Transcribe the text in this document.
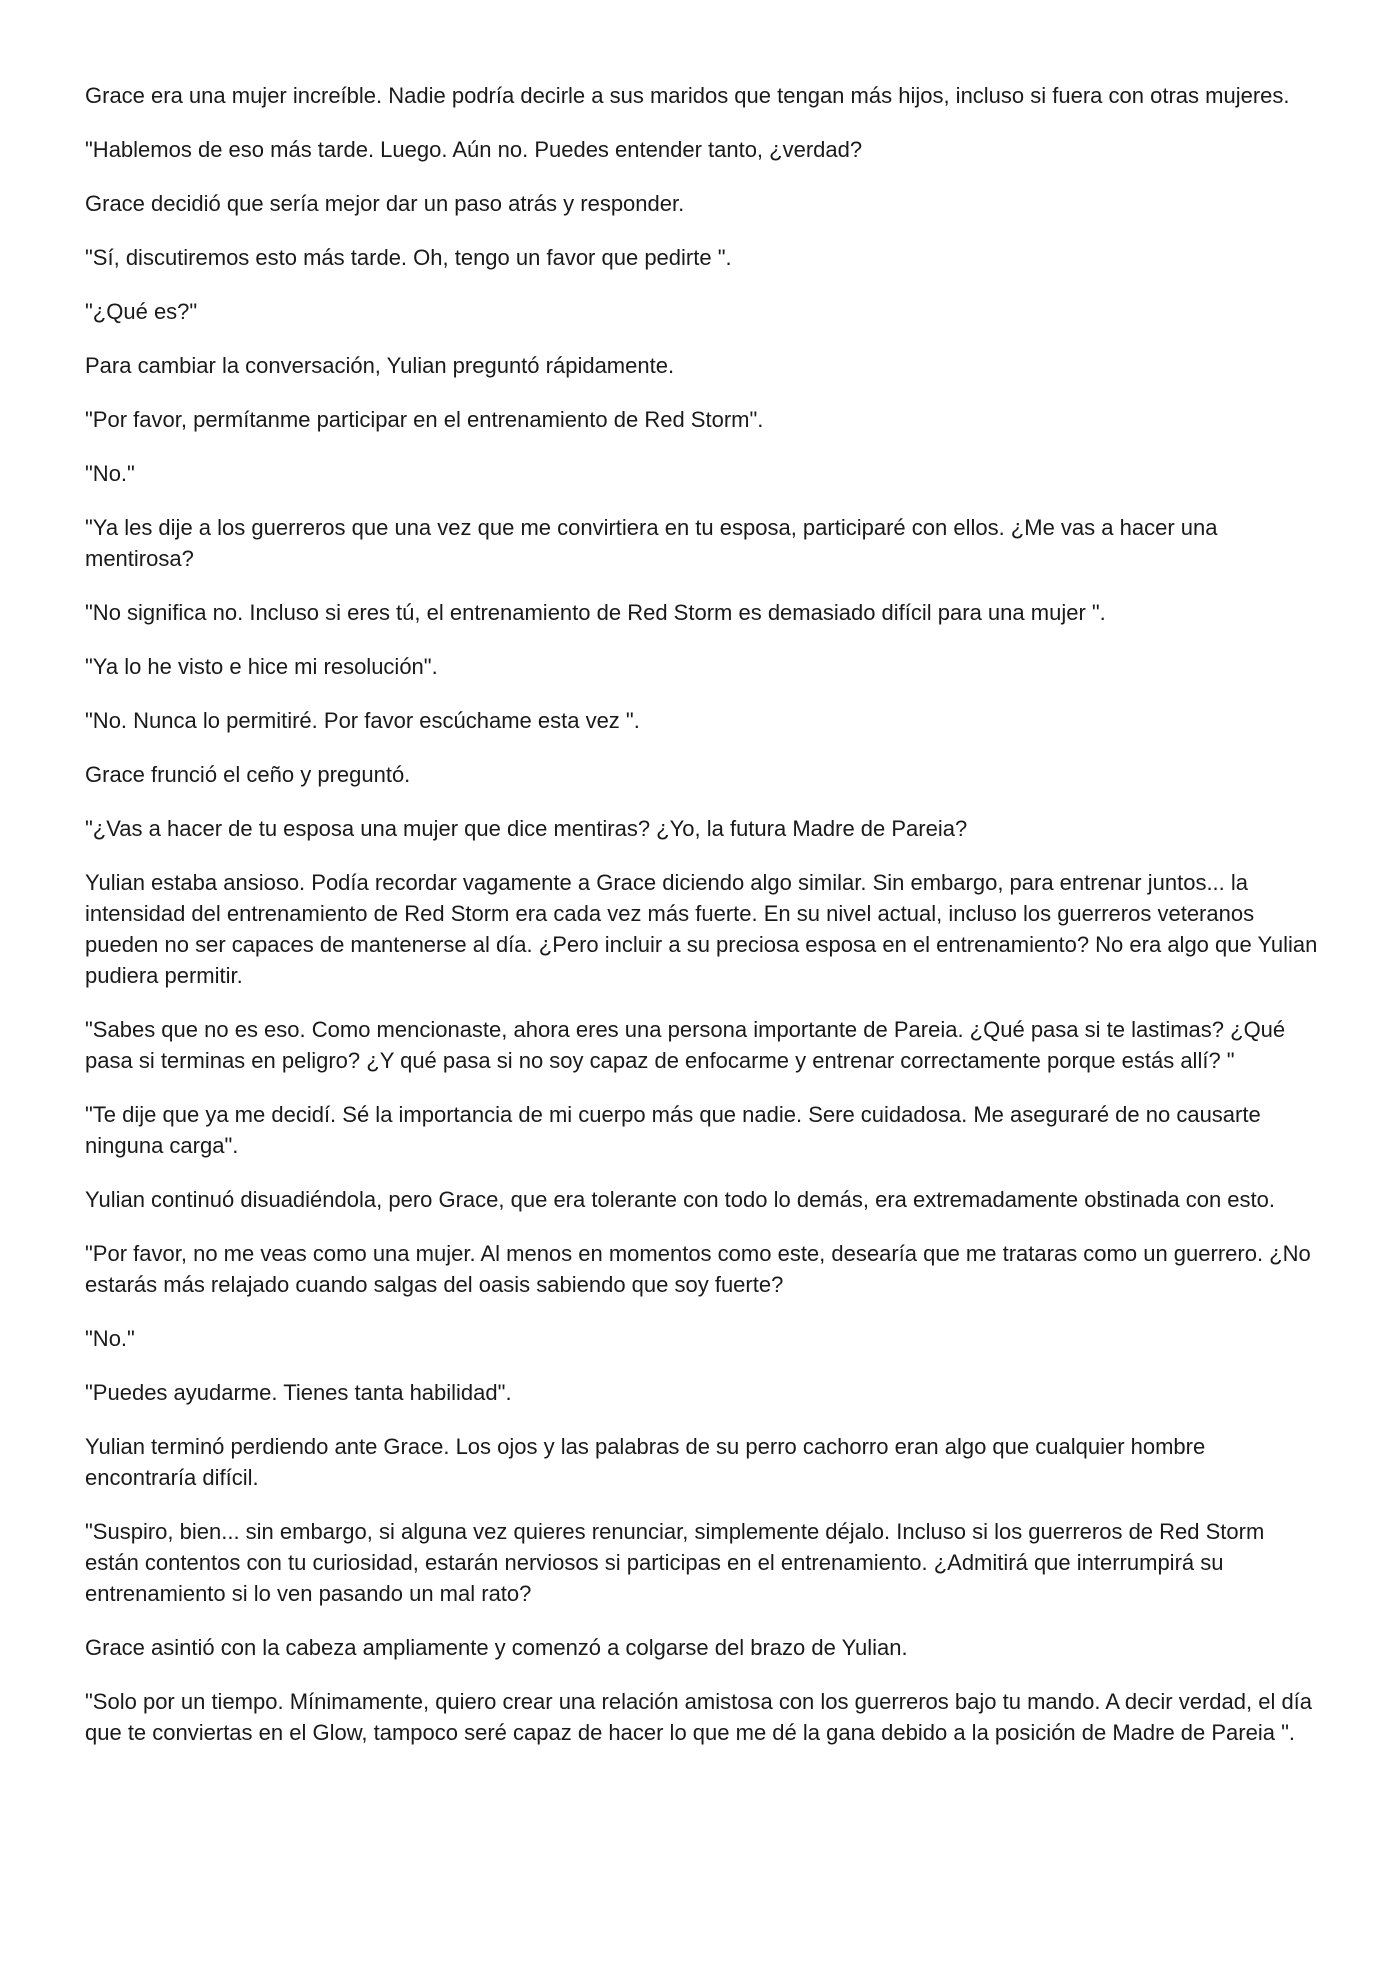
Grace era una mujer increíble. Nadie podría decirle a sus maridos que tengan más hijos, incluso si fuera con otras mujeres.

"Hablemos de eso más tarde. Luego. Aún no. Puedes entender tanto, ¿verdad?

Grace decidió que sería mejor dar un paso atrás y responder.

"Sí, discutiremos esto más tarde. Oh, tengo un favor que pedirte ".

"¿Qué es?"

Para cambiar la conversación, Yulian preguntó rápidamente.

"Por favor, permítanme participar en el entrenamiento de Red Storm".

"No."

"Ya les dije a los guerreros que una vez que me convirtiera en tu esposa, participaré con ellos. ¿Me vas a hacer una mentirosa?

"No significa no. Incluso si eres tú, el entrenamiento de Red Storm es demasiado difícil para una mujer ".

"Ya lo he visto e hice mi resolución".

"No. Nunca lo permitiré. Por favor escúchame esta vez ".

Grace frunció el ceño y preguntó.

"¿Vas a hacer de tu esposa una mujer que dice mentiras? ¿Yo, la futura Madre de Pareia?

Yulian estaba ansioso. Podía recordar vagamente a Grace diciendo algo similar. Sin embargo, para entrenar juntos... la intensidad del entrenamiento de Red Storm era cada vez más fuerte. En su nivel actual, incluso los guerreros veteranos pueden no ser capaces de mantenerse al día. ¿Pero incluir a su preciosa esposa en el entrenamiento? No era algo que Yulian pudiera permitir.

"Sabes que no es eso. Como mencionaste, ahora eres una persona importante de Pareia. ¿Qué pasa si te lastimas? ¿Qué pasa si terminas en peligro? ¿Y qué pasa si no soy capaz de enfocarme y entrenar correctamente porque estás allí? "

"Te dije que ya me decidí. Sé la importancia de mi cuerpo más que nadie. Sere cuidadosa. Me aseguraré de no causarte ninguna carga".

Yulian continuó disuadiéndola, pero Grace, que era tolerante con todo lo demás, era extremadamente obstinada con esto.

"Por favor, no me veas como una mujer. Al menos en momentos como este, desearía que me trataras como un guerrero. ¿No estarás más relajado cuando salgas del oasis sabiendo que soy fuerte?

"No."

"Puedes ayudarme. Tienes tanta habilidad".

Yulian terminó perdiendo ante Grace. Los ojos y las palabras de su perro cachorro eran algo que cualquier hombre encontraría difícil.

"Suspiro, bien... sin embargo, si alguna vez quieres renunciar, simplemente déjalo. Incluso si los guerreros de Red Storm están contentos con tu curiosidad, estarán nerviosos si participas en el entrenamiento. ¿Admitirá que interrumpirá su entrenamiento si lo ven pasando un mal rato?

Grace asintió con la cabeza ampliamente y comenzó a colgarse del brazo de Yulian.

"Solo por un tiempo. Mínimamente, quiero crear una relación amistosa con los guerreros bajo tu mando. A decir verdad, el día que te conviertas en el Glow, tampoco seré capaz de hacer lo que me dé la gana debido a la posición de Madre de Pareia ".
